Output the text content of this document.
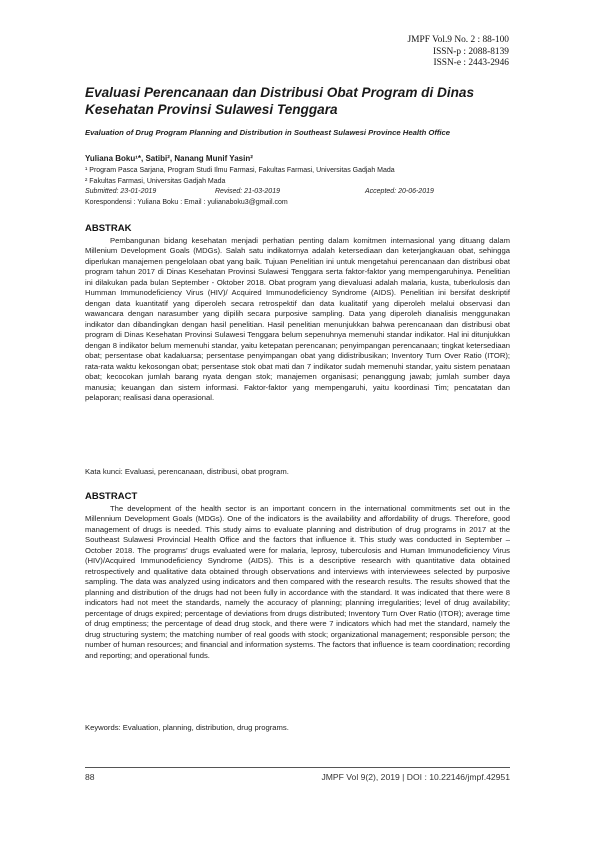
JMPF Vol.9 No. 2 : 88-100
ISSN-p : 2088-8139
ISSN-e : 2443-2946
Evaluasi Perencanaan dan Distribusi Obat Program di Dinas Kesehatan Provinsi Sulawesi Tenggara
Evaluation of Drug Program Planning and Distribution in Southeast Sulawesi Province Health Office
Yuliana Boku¹*, Satibi², Nanang Munif Yasin²
¹ Program Pasca Sarjana, Program Studi Ilmu Farmasi, Fakultas Farmasi, Universitas Gadjah Mada
² Fakultas Farmasi, Universitas Gadjah Mada
Submitted: 23-01-2019	Revised: 21-03-2019	Accepted: 20-06-2019
Korespondensi : Yuliana Boku : Email : yulianaboku3@gmail.com
ABSTRAK
Pembangunan bidang kesehatan menjadi perhatian penting dalam komitmen internasional yang dituang dalam Millenium Development Goals (MDGs). Salah satu indikatornya adalah ketersediaan dan keterjangkauan obat, sehingga diperlukan manajemen pengelolaan obat yang baik. Tujuan Penelitian ini untuk mengetahui perencanaan dan distribusi obat program tahun 2017 di Dinas Kesehatan Provinsi Sulawesi Tenggara serta faktor-faktor yang mempengaruhinya. Penelitian ini dilakukan pada bulan September - Oktober 2018. Obat program yang dievaluasi adalah malaria, kusta, tuberkulosis dan Humman Immunodeficiency Virus (HIV)/ Acquired Immunodeficiency Syndrome (AIDS). Penelitian ini bersifat deskriptif dengan data kuantitatif yang diperoleh secara retrospektif dan data kualitatif yang diperoleh melalui observasi dan wawancara dengan narasumber yang dipilih secara purposive sampling. Data yang diperoleh dianalisis menggunakan indikator dan dibandingkan dengan hasil penelitian. Hasil penelitian menunjukkan bahwa perencanaan dan distribusi obat program di Dinas Kesehatan Provinsi Sulawesi Tenggara belum sepenuhnya memenuhi standar indikator. Hal ini ditunjukkan dengan 8 indikator belum memenuhi standar, yaitu ketepatan perencanan; penyimpangan perencanaan; tingkat ketersediaan obat; persentase obat kadaluarsa; persentase penyimpangan obat yang didistribusikan; Inventory Turn Over Ratio (ITOR); rata-rata waktu kekosongan obat; persentase stok obat mati dan 7 indikator sudah memenuhi standar, yaitu sistem penataan obat; kecocokan jumlah barang nyata dengan stok; manajemen organisasi; penanggung jawab; jumlah sumber daya manusia; keuangan dan sistem informasi. Faktor-faktor yang mempengaruhi, yaitu koordinasi Tim; pencatatan dan pelaporan; realisasi dana operasional.
Kata kunci: Evaluasi, perencanaan, distribusi, obat program.
ABSTRACT
The development of the health sector is an important concern in the international commitments set out in the Millennium Development Goals (MDGs). One of the indicators is the availability and affordability of drugs. Therefore, good management of drugs is needed. This study aims to evaluate planning and distribution of drug programs in 2017 at the Southeast Sulawesi Provincial Health Office and the factors that influence it. This study was conducted in September – October 2018. The programs’ drugs evaluated were for malaria, leprosy, tuberculosis and Human Immunodeficiency Virus (HIV)/Acquired Immunodeficiency Syndrome (AIDS). This is a descriptive research with quantitative data obtained retrospectively and qualitative data obtained through observations and interviews with interviewees selected by purposive sampling. The data was analyzed using indicators and then compared with the research results. The results showed that the planning and distribution of the drugs had not been fully in accordance with the standard. It was indicated that there were 8 indicators had not meet the standards, namely the accuracy of planning; planning irregularities; level of drug availability; percentage of drugs expired; percentage of deviations from drugs distributed; Inventory Turn Over Ratio (ITOR); average time of drug emptiness; the percentage of dead drug stock, and there were 7 indicators which had met the standard, namely the drug structuring system; the matching number of real goods with stock; organizational management; responsible person; the number of human resources; and financial and information systems. The factors that influence is team coordination; recording and reporting; and operational funds.
Keywords: Evaluation, planning, distribution, drug programs.
88	JMPF Vol 9(2), 2019 | DOI : 10.22146/jmpf.42951
